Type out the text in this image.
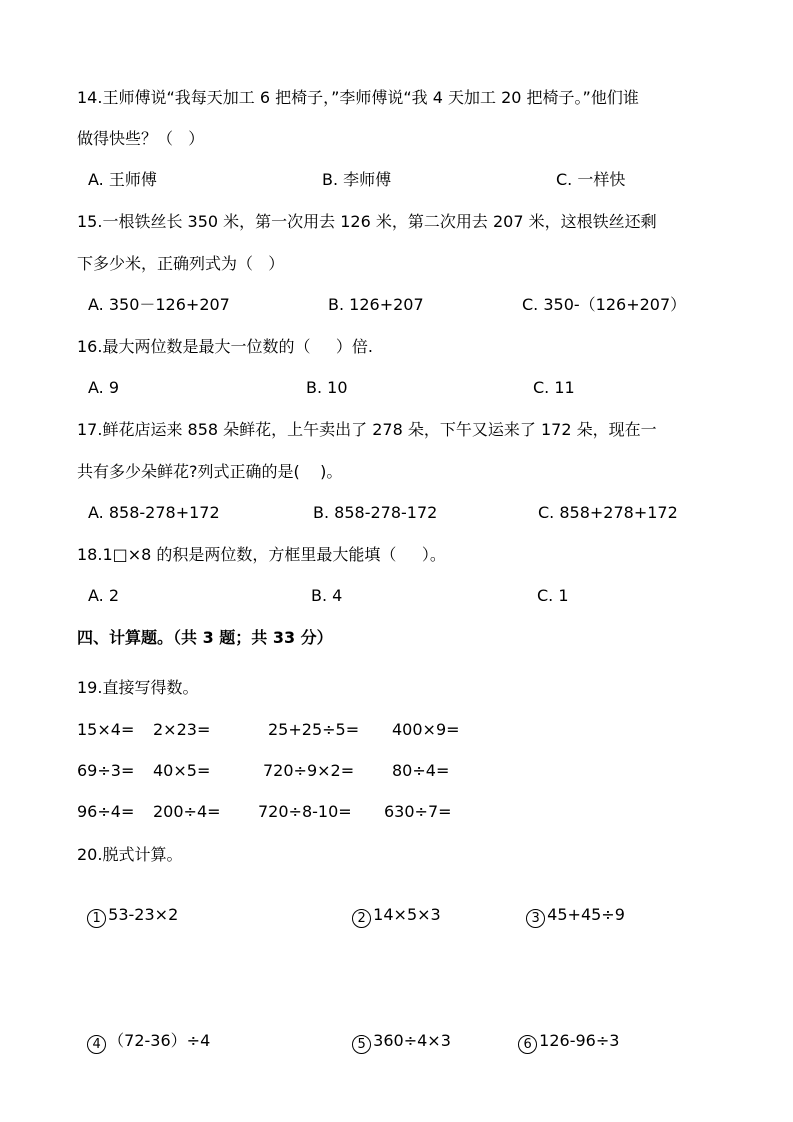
14.王师傅说“我每天加工 6 把椅子，”李师傅说“我 4 天加工 20 把椅子。”他们谁
做得快些？（   ）
A. 王师傅	B. 李师傅	C. 一样快
15.一根铁丝长 350 米，第一次用去 126 米，第二次用去 207 米，这根铁丝还剩
下多少米，正确列式为（   ）
A. 350－126+207	B. 126+207	C. 350-（126+207）
16.最大两位数是最大一位数的（     ）倍.
A. 9	B. 10	C. 11
17.鲜花店运来 858 朵鲜花，上午卖出了 278 朵，下午又运来了 172 朵，现在一
共有多少朵鲜花?列式正确的是(    )。
A. 858-278+172	B. 858-278-172	C. 858+278+172
18.1□×8 的积是两位数，方框里最大能填（     ）。
A. 2	B. 4	C. 1
四、计算题。（共 3 题；共 33 分）
19.直接写得数。
15×4= 2×23=	25+25÷5= 400×9=
69÷3= 40×5=	720÷9×2= 80÷4=
96÷4= 200÷4= 720÷8-10= 630÷7=
20.脱式计算。

1 53-23×2	2 14×5×3	3 45+45÷9

4 （72-36）÷4	5 360÷4×3	6 126-96÷3
